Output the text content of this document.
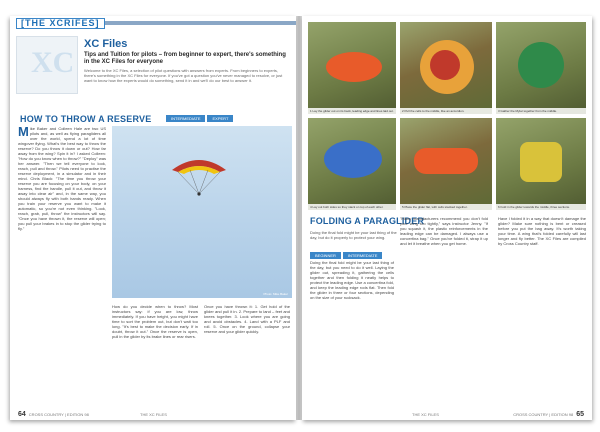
[THE XCRIFES]
XC
XC Files
Tips and Tuition for pilots – from beginner to expert, there's something in the XC Files for everyone
Welcome to the XC Files, a selection of pilot questions with answers from experts. From beginners to experts, there's something in the XC Files for everyone. If you've got a question you've never managed to resolve, or just want to know how the experts would do something, send it in and we'll do our best to answer it.
HOW TO THROW A RESERVE	INTERMEDIATE	EXPERT
Mike Baker and Colleen Hale are two US pilots and, as well as flying paragliders all over the world, spend a lot of time wingover flying. What's the best way to throw the reserve? Do you throw it down or out? How far away from the wing? Spin it in? I asked Colleen: "How do you know when to throw?" "Deploy" was her answer. "Then we tell everyone to look, reach, pull and throw." Pilots need to practise the reserve deployment, in a simulator and in their mind. Chris Black: "The time you throw your reserve you are focusing on your body, on your harness, find the handle, pull it out, and throw it away into clear air" and, in the same way, you should always fly with both hands ready. When you train your reserve you want to make it automatic, so you're not even thinking. "Look, reach, grab, pull, throw" the instructors will say. "Once you have thrown it, the reserve will open; you pull your brakes in to stop the glider trying to fly."
Photo: Mike Baker
How do you decide when to throw? Most instructors say: if you are low, throw immediately. If you have height, you might have time to sort the problem out, but don't wait too long. "It's best to make the decision early. If in doubt, throw it out." Once the reserve is open, pull in the glider by its brake lines or rear risers.
Once you have thrown it: 1. Get hold of the glider and pull it in. 2. Prepare to land – feet and knees together. 3. Look where you are going and avoid obstacles. 4. Land with a PLF and roll. 5. Once on the ground, collapse your reserve and your glider quickly.
64 CROSS COUNTRY | EDITION 98	THE XC FILES
1 Lay the glider out on its back, leading edge and lines laid out.	2 Pull the cells to the middle, like an accordion.	3 Gather the Mylar together from the middle.
4 Lay out both sides so they stack on top of each other.	5 Place the glider flat, with cells stacked together.	6 Fold in the glider towards the middle, three sections.
FOLDING A PARAGLIDER
Doing the final fold might be your last thing of the day, but do it properly to protect your wing.
BEGINNER	INTERMEDIATE
Doing the final fold might be your last thing of the day, but you need to do it well. Laying the glider out, spreading it, gathering the cells together and then folding it neatly helps to protect the leading edge. Use a concertina fold, and keep the leading edge rods flat. Then fold the glider in three or four sections, depending on the size of your rucksack.
"Many manufacturers recommend you don't fold your wing too tightly," says instructor Jenny. "If you squash it, the plastic reinforcements in the leading edge can be damaged. I always use a concertina bag." Once you've folded it, strap it up and let it breathe when you get home.
Have I folded it in a way that doesn't damage the glider? Make sure nothing is bent or creased before you put the bag away. It's worth taking your time. A wing that's folded carefully will last longer and fly better. The XC Files are compiled by Cross Country staff.
THE XC FILES	CROSS COUNTRY | EDITION 98 65
